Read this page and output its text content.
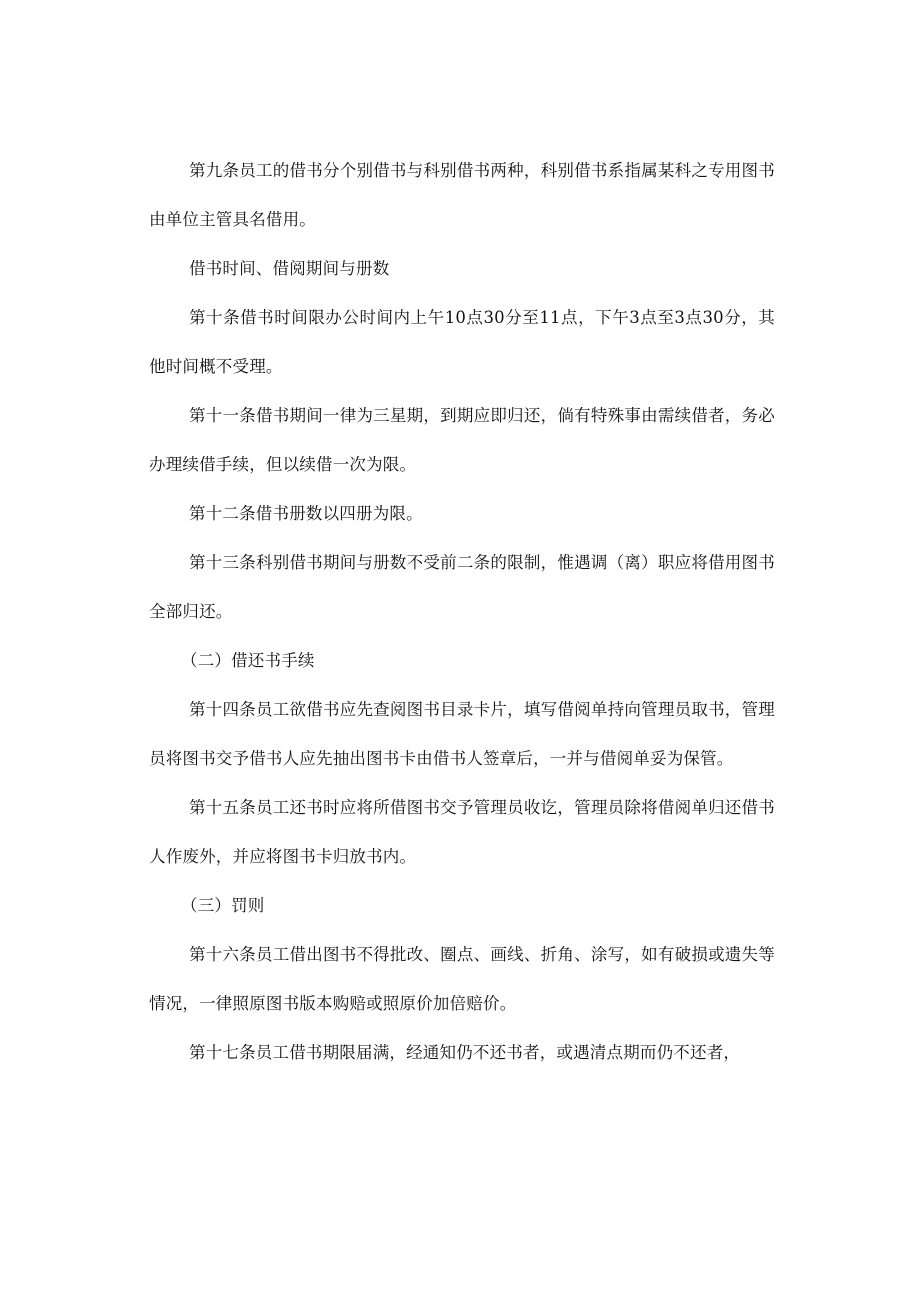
第九条员工的借书分个别借书与科别借书两种，科别借书系指属某科之专用图书由单位主管具名借用。

借书时间、借阅期间与册数

第十条借书时间限办公时间内上午10点30分至11点，下午3点至3点30分，其他时间概不受理。

第十一条借书期间一律为三星期，到期应即归还，倘有特殊事由需续借者，务必办理续借手续，但以续借一次为限。

第十二条借书册数以四册为限。

第十三条科别借书期间与册数不受前二条的限制，惟遇调（离）职应将借用图书全部归还。

（二）借还书手续

第十四条员工欲借书应先查阅图书目录卡片，填写借阅单持向管理员取书，管理员将图书交予借书人应先抽出图书卡由借书人签章后，一并与借阅单妥为保管。

第十五条员工还书时应将所借图书交予管理员收讫，管理员除将借阅单归还借书人作废外，并应将图书卡归放书内。

（三）罚则

第十六条员工借出图书不得批改、圈点、画线、折角、涂写，如有破损或遗失等情况，一律照原图书版本购赔或照原价加倍赔价。

第十七条员工借书期限届满，经通知仍不还书者，或遇清点期而仍不还者，
